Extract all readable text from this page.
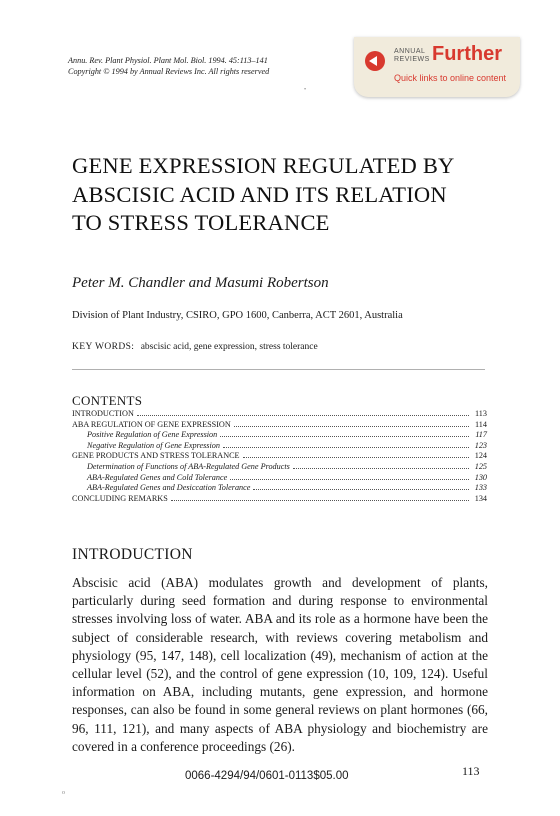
Annu. Rev. Plant Physiol. Plant Mol. Biol. 1994. 45:113–141
Copyright © 1994 by Annual Reviews Inc. All rights reserved
ANNUAL
REVIEWS Further
Quick links to online content
GENE EXPRESSION REGULATED BY
ABSCISIC ACID AND ITS RELATION
TO STRESS TOLERANCE
Peter M. Chandler and Masumi Robertson
Division of Plant Industry, CSIRO, GPO 1600, Canberra, ACT 2601, Australia
KEY WORDS: abscisic acid, gene expression, stress tolerance
CONTENTS
INTRODUCTION	113
ABA REGULATION OF GENE EXPRESSION	114
Positive Regulation of Gene Expression	117
Negative Regulation of Gene Expression	123
GENE PRODUCTS AND STRESS TOLERANCE	124
Determination of Functions of ABA-Regulated Gene Products	125
ABA-Regulated Genes and Cold Tolerance	130
ABA-Regulated Genes and Desiccation Tolerance	133
CONCLUDING REMARKS	134
INTRODUCTION
Abscisic acid (ABA) modulates growth and development of plants, particularly during seed formation and during response to environmental stresses involving loss of water. ABA and its role as a hormone have been the subject of considerable research, with reviews covering metabolism and physiology (95, 147, 148), cell localization (49), mechanism of action at the cellular level (52), and the control of gene expression (10, 109, 124). Useful information on ABA, including mutants, gene expression, and hormone responses, can also be found in some general reviews on plant hormones (66, 96, 111, 121), and many aspects of ABA physiology and biochemistry are covered in a conference proceedings (26).
0066-4294/94/0601-0113$05.00	113
•
o
